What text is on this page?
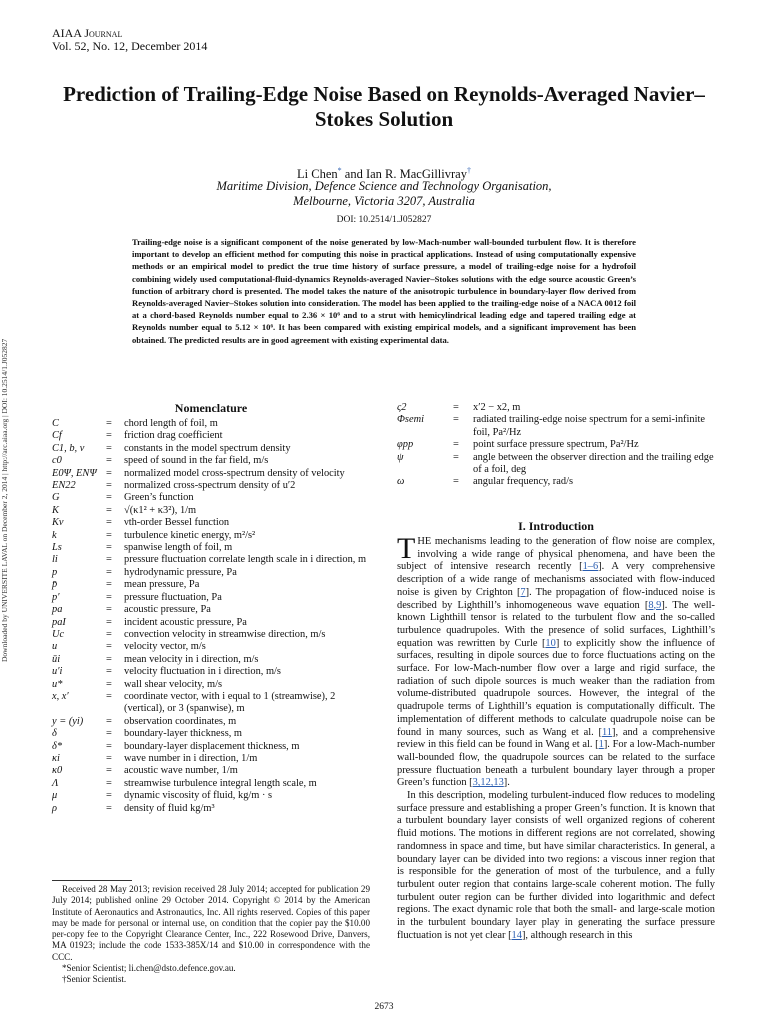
AIAA Journal
Vol. 52, No. 12, December 2014
Prediction of Trailing-Edge Noise Based on Reynolds-Averaged Navier–Stokes Solution
Li Chen* and Ian R. MacGillivray†
Maritime Division, Defence Science and Technology Organisation,
Melbourne, Victoria 3207, Australia
DOI: 10.2514/1.J052827
Trailing-edge noise is a significant component of the noise generated by low-Mach-number wall-bounded turbulent flow. It is therefore important to develop an efficient method for computing this noise in practical applications. Instead of using computationally expensive methods or an empirical model to predict the true time history of surface pressure, a model of trailing-edge noise for a hydrofoil combining widely used computational-fluid-dynamics Reynolds-averaged Navier–Stokes solutions with the edge source acoustic Green’s function of arbitrary chord is presented. The model takes the nature of the anisotropic turbulence in boundary-layer flow derived from Reynolds-averaged Navier–Stokes solution into consideration. The model has been applied to the trailing-edge noise of a NACA 0012 foil at a chord-based Reynolds number equal to 2.36 × 10⁶ and to a strut with hemicylindrical leading edge and tapered trailing edge at Reynolds number equal to 5.12 × 10⁶. It has been compared with existing empirical models, and a significant improvement has been obtained. The predicted results are in good agreement with existing experimental data.
Downloaded by UNIVERSITE LAVAL on December 2, 2014 | http://arc.aiaa.org | DOI: 10.2514/1.J052827	Nomenclature
C	=	chord length of foil, m
Cf	=	friction drag coefficient
C1, b, ν	=	constants in the model spectrum density
c0	=	speed of sound in the far field, m/s
E0Ψ, ENΨ =	normalized model cross-spectrum density of velocity
EN22	=	normalized cross-spectrum density of u′2
G	=	Green’s function
K	=	√(κ1² + κ3²), 1/m
Kν	=	νth-order Bessel function
k	=	turbulence kinetic energy, m²/s²
Ls	=	spanwise length of foil, m
li	=	pressure fluctuation correlate length scale in i direction, m
p	=	hydrodynamic pressure, Pa
p̄	=	mean pressure, Pa
p′	=	pressure fluctuation, Pa
pa	=	acoustic pressure, Pa
paI	=	incident acoustic pressure, Pa
Uc	=	convection velocity in streamwise direction, m/s
u	=	velocity vector, m/s
ūi	=	mean velocity in i direction, m/s
u′i	=	velocity fluctuation in i direction, m/s
u*	=	wall shear velocity, m/s
x, x′	=	coordinate vector, with i equal to 1 (streamwise), 2 (vertical), or 3 (spanwise), m
y = (yi)	=	observation coordinates, m
δ	=	boundary-layer thickness, m
δ*	=	boundary-layer displacement thickness, m
κi	=	wave number in i direction, 1/m
κ0	=	acoustic wave number, 1/m
Λ	=	streamwise turbulence integral length scale, m
μ	=	dynamic viscosity of fluid, kg/m · s
ρ	=	density of fluid kg/m³
ς2	=	x′2 − x2, m
Φsemi	=	radiated trailing-edge noise spectrum for a semi-infinite foil, Pa²/Hz
φpp	=	point surface pressure spectrum, Pa²/Hz
ψ	=	angle between the observer direction and the trailing edge of a foil, deg
ω	=	angular frequency, rad/s
I. Introduction

THE mechanisms leading to the generation of flow noise are complex, involving a wide range of physical phenomena, and have been the subject of intensive research recently [1–6]. A very comprehensive description of a wide range of mechanisms associated with flow-induced noise is given by Crighton [7]. The propagation of flow-induced noise is described by Lighthill’s inhomogeneous wave equation [8,9]. The well-known Lighthill tensor is related to the turbulent flow and the so-called turbulence quadrupoles. With the presence of solid surfaces, Lighthill’s equation was rewritten by Curle [10] to explicitly show the influence of surfaces, resulting in dipole sources due to force fluctuations acting on the surface. For low-Mach-number flow over a large and rigid surface, the radiation of such dipole sources is much weaker than the radiation from volume-distributed quadrupole sources. However, the integral of the quadrupole terms of Lighthill’s equation is computationally difficult. The implementation of different methods to calculate quadrupole noise can be found in many sources, such as Wang et al. [11], and a comprehensive review in this field can be found in Wang et al. [1]. For a low-Mach-number wall-bounded flow, the quadrupole sources can be related to the surface pressure fluctuation beneath a turbulent boundary layer through a proper Green’s function [3,12,13].

In this description, modeling turbulent-induced flow reduces to modeling surface pressure and establishing a proper Green’s function. It is known that a turbulent boundary layer consists of well organized regions of coherent fluid motions. The motions in different regions are not correlated, showing randomness in space and time, but have similar characteristics. In general, a boundary layer can be divided into two regions: a viscous inner region that is responsible for the generation of most of the turbulence, and a fully turbulent outer region that contains large-scale coherent motion. The fully turbulent outer region can be further divided into logarithmic and defect regions. The exact dynamic role that both the small- and large-scale motion in the turbulent boundary layer play in generating the surface pressure fluctuation is not yet clear [14], although research in this

Received 28 May 2013; revision received 28 July 2014; accepted for publication 29 July 2014; published online 29 October 2014. Copyright © 2014 by the American Institute of Aeronautics and Astronautics, Inc. All rights reserved. Copies of this paper may be made for personal or internal use, on condition that the copier pay the $10.00 per-copy fee to the Copyright Clearance Center, Inc., 222 Rosewood Drive, Danvers, MA 01923; include the code 1533-385X/14 and $10.00 in correspondence with the CCC.

*Senior Scientist; li.chen@dsto.defence.gov.au.

†Senior Scientist.

2673
